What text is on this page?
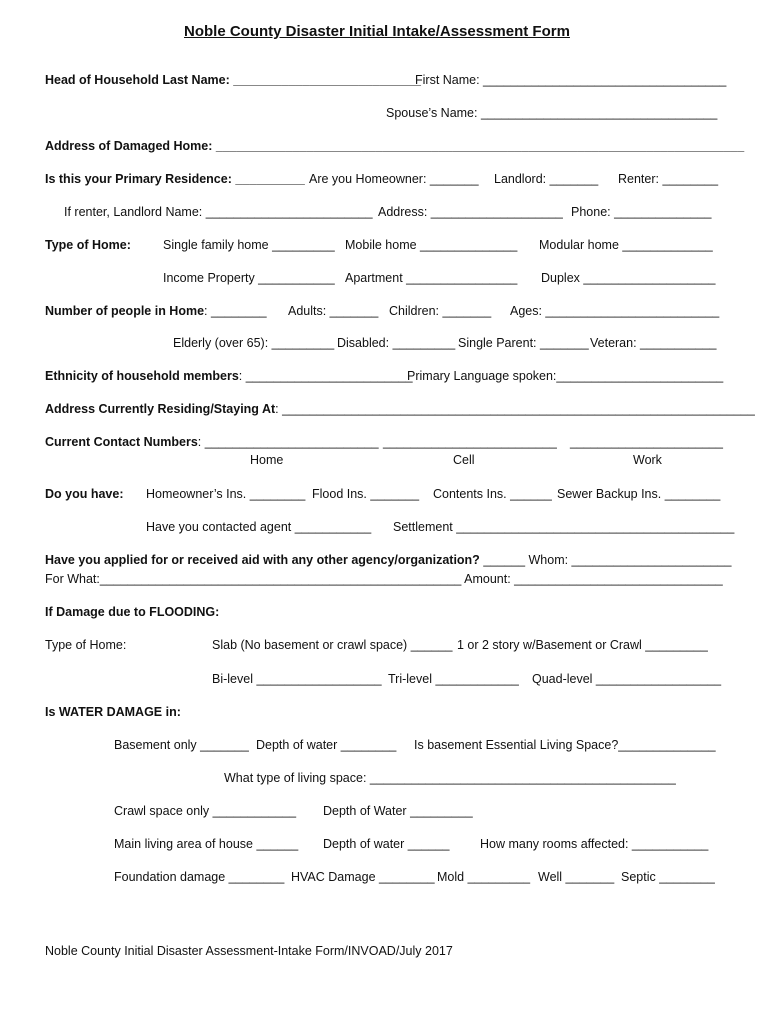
Noble County Disaster Initial Intake/Assessment Form
Head of Household Last Name: ___________________________
First Name: ___________________________________
Spouse’s Name: __________________________________
Address of Damaged Home: ____________________________________________________________________________
Is this your Primary Residence: __________ Are you Homeowner: _______ Landlord: _______ Renter: ________
If renter, Landlord Name: ________________________ Address: ___________________ Phone: ______________
Type of Home:	Single family home _________ Mobile home ______________ Modular home _____________
Income Property ___________ Apartment ________________ Duplex ___________________
Number of people in Home: ________ Adults: _______ Children: _______ Ages: _________________________
Elderly (over 65): _________ Disabled: _________ Single Parent: _______ Veteran: ___________
Ethnicity of household members: ________________________
Primary Language spoken:________________________
Address Currently Residing/Staying At: ____________________________________________________________________
Current Contact Numbers: _________________________ _________________________ ______________________
Home	Cell	Work
Do you have: Homeowner’s Ins. ________ Flood Ins. _______ Contents Ins. ______ Sewer Backup Ins. ________
Have you contacted agent ___________ Settlement ________________________________________
Have you applied for or received aid with any other agency/organization? ______ Whom: _______________________
For What:____________________________________________________ Amount: ______________________________
If Damage due to FLOODING:
Type of Home:	Slab (No basement or crawl space) ______ 1 or 2 story w/Basement or Crawl _________
Bi-level __________________ Tri-level ____________ Quad-level __________________
Is WATER DAMAGE in:
Basement only _______ Depth of water ________ Is basement Essential Living Space?______________
What type of living space: ____________________________________________
Crawl space only ____________ Depth of Water _________
Main living area of house ______ Depth of water ______ How many rooms affected: ___________
Foundation damage ________ HVAC Damage ________ Mold _________ Well _______ Septic ________
Noble County Initial Disaster Assessment-Intake Form/INVOAD/July 2017
